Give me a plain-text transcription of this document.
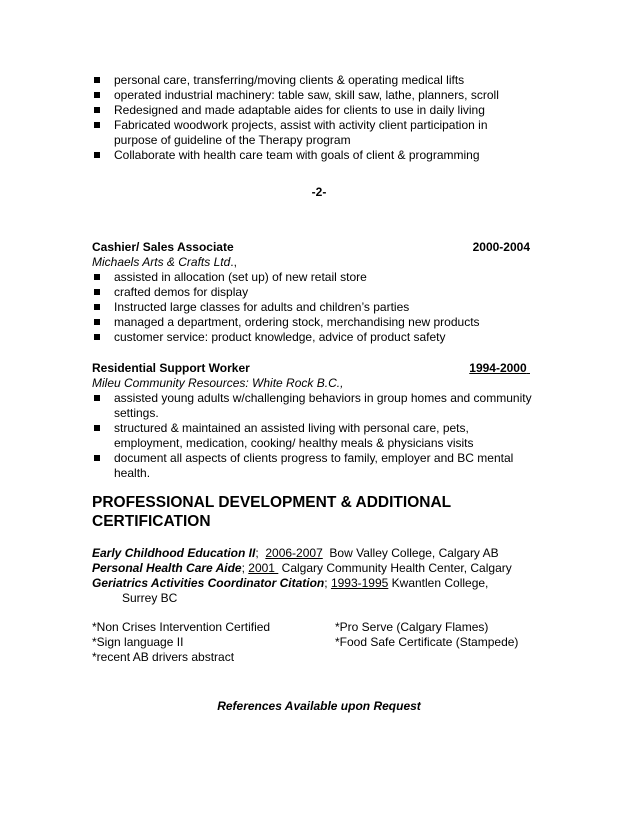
personal care, transferring/moving clients & operating medical lifts
operated industrial machinery: table saw, skill saw, lathe, planners, scroll
Redesigned and made adaptable aides for clients to use in daily living
Fabricated woodwork projects, assist with activity client participation in purpose of guideline of the Therapy program
Collaborate with health care team with goals of client & programming
-2-
Cashier/ Sales Associate	2000-2004
Michaels Arts & Crafts Ltd.,
assisted in allocation (set up) of new retail store
crafted demos for display
Instructed large classes for adults and children’s parties
managed a department, ordering stock, merchandising new products
customer service: product knowledge, advice of product safety
Residential Support Worker	1994-2000
Mileu Community Resources: White Rock B.C.,
assisted young adults w/challenging behaviors in group homes and community settings.
structured & maintained an assisted living with personal care, pets, employment, medication, cooking/ healthy meals & physicians visits
document all aspects of clients progress to family, employer and BC mental health.
PROFESSIONAL DEVELOPMENT & ADDITIONAL
CERTIFICATION
Early Childhood Education II;  2006-2007  Bow Valley College, Calgary AB
Personal Health Care Aide; 2001  Calgary Community Health Center, Calgary
Geriatrics Activities Coordinator Citation; 1993-1995 Kwantlen College,
Surrey BC
*Non Crises Intervention Certified
*Sign language II
*recent AB drivers abstract
*Pro Serve (Calgary Flames)
*Food Safe Certificate (Stampede)
References Available upon Request
